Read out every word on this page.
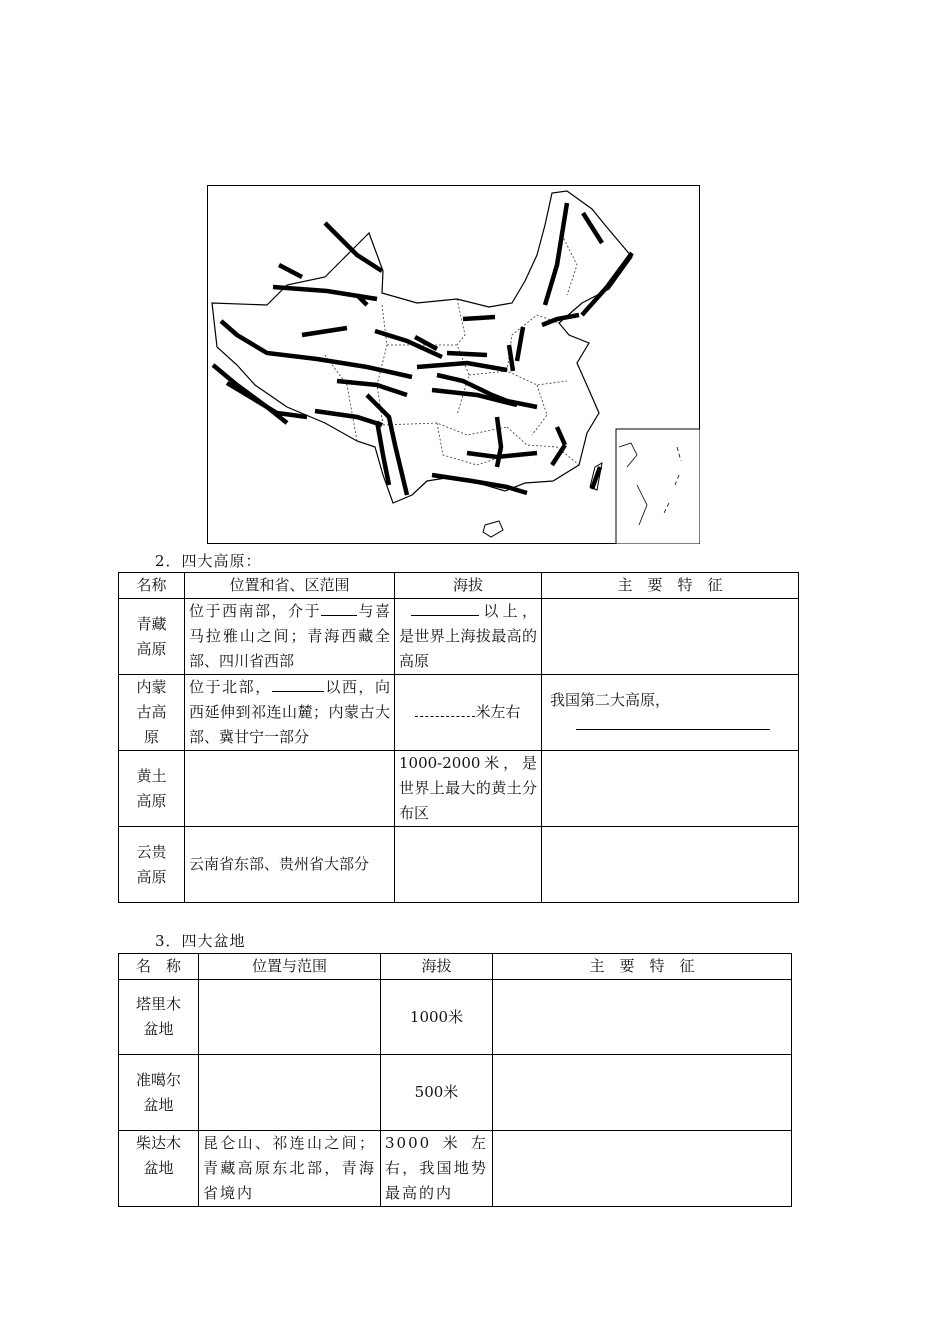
2．四大高原：
名称	位置和省、区范围	海拔	主　要　特　征
青藏高原	位于西南部，介于 与喜马拉雅山之间；青海西藏全部、四川省西部	以上，是世界上海拔最高的高原	
内蒙古高原	位于北部， 以西，向西延伸到祁连山麓；内蒙古大部、冀甘宁一部分	米左右	我国第二大高原，

黄土高原		1000-2000米，是世界上最大的黄土分布区	
云贵高原	云南省东部、贵州省大部分		
3．四大盆地
名　称	位置与范围	海拔	主　要　特　征
塔里木盆地		1000米	
准噶尔盆地		500米	
柴达木盆地	昆仑山、祁连山之间；青藏高原东北部，青海省境内	3000米左右，我国地势最高的内	
